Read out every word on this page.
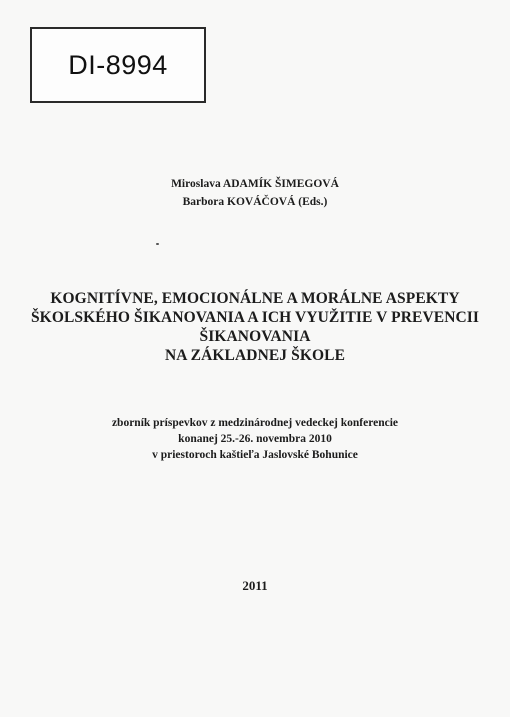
DI-8994
Miroslava ADAMÍK ŠIMEGOVÁ
Barbora KOVÁČOVÁ (Eds.)
KOGNITÍVNE, EMOCIONÁLNE A MORÁLNE ASPEKTY
ŠKOLSKÉHO ŠIKANOVANIA A ICH VYUŽITIE V PREVENCII
ŠIKANOVANIA
NA ZÁKLADNEJ ŠKOLE
zborník príspevkov z medzinárodnej vedeckej konferencie
konanej 25.-26. novembra 2010
v priestoroch kaštieľa Jaslovské Bohunice
2011
